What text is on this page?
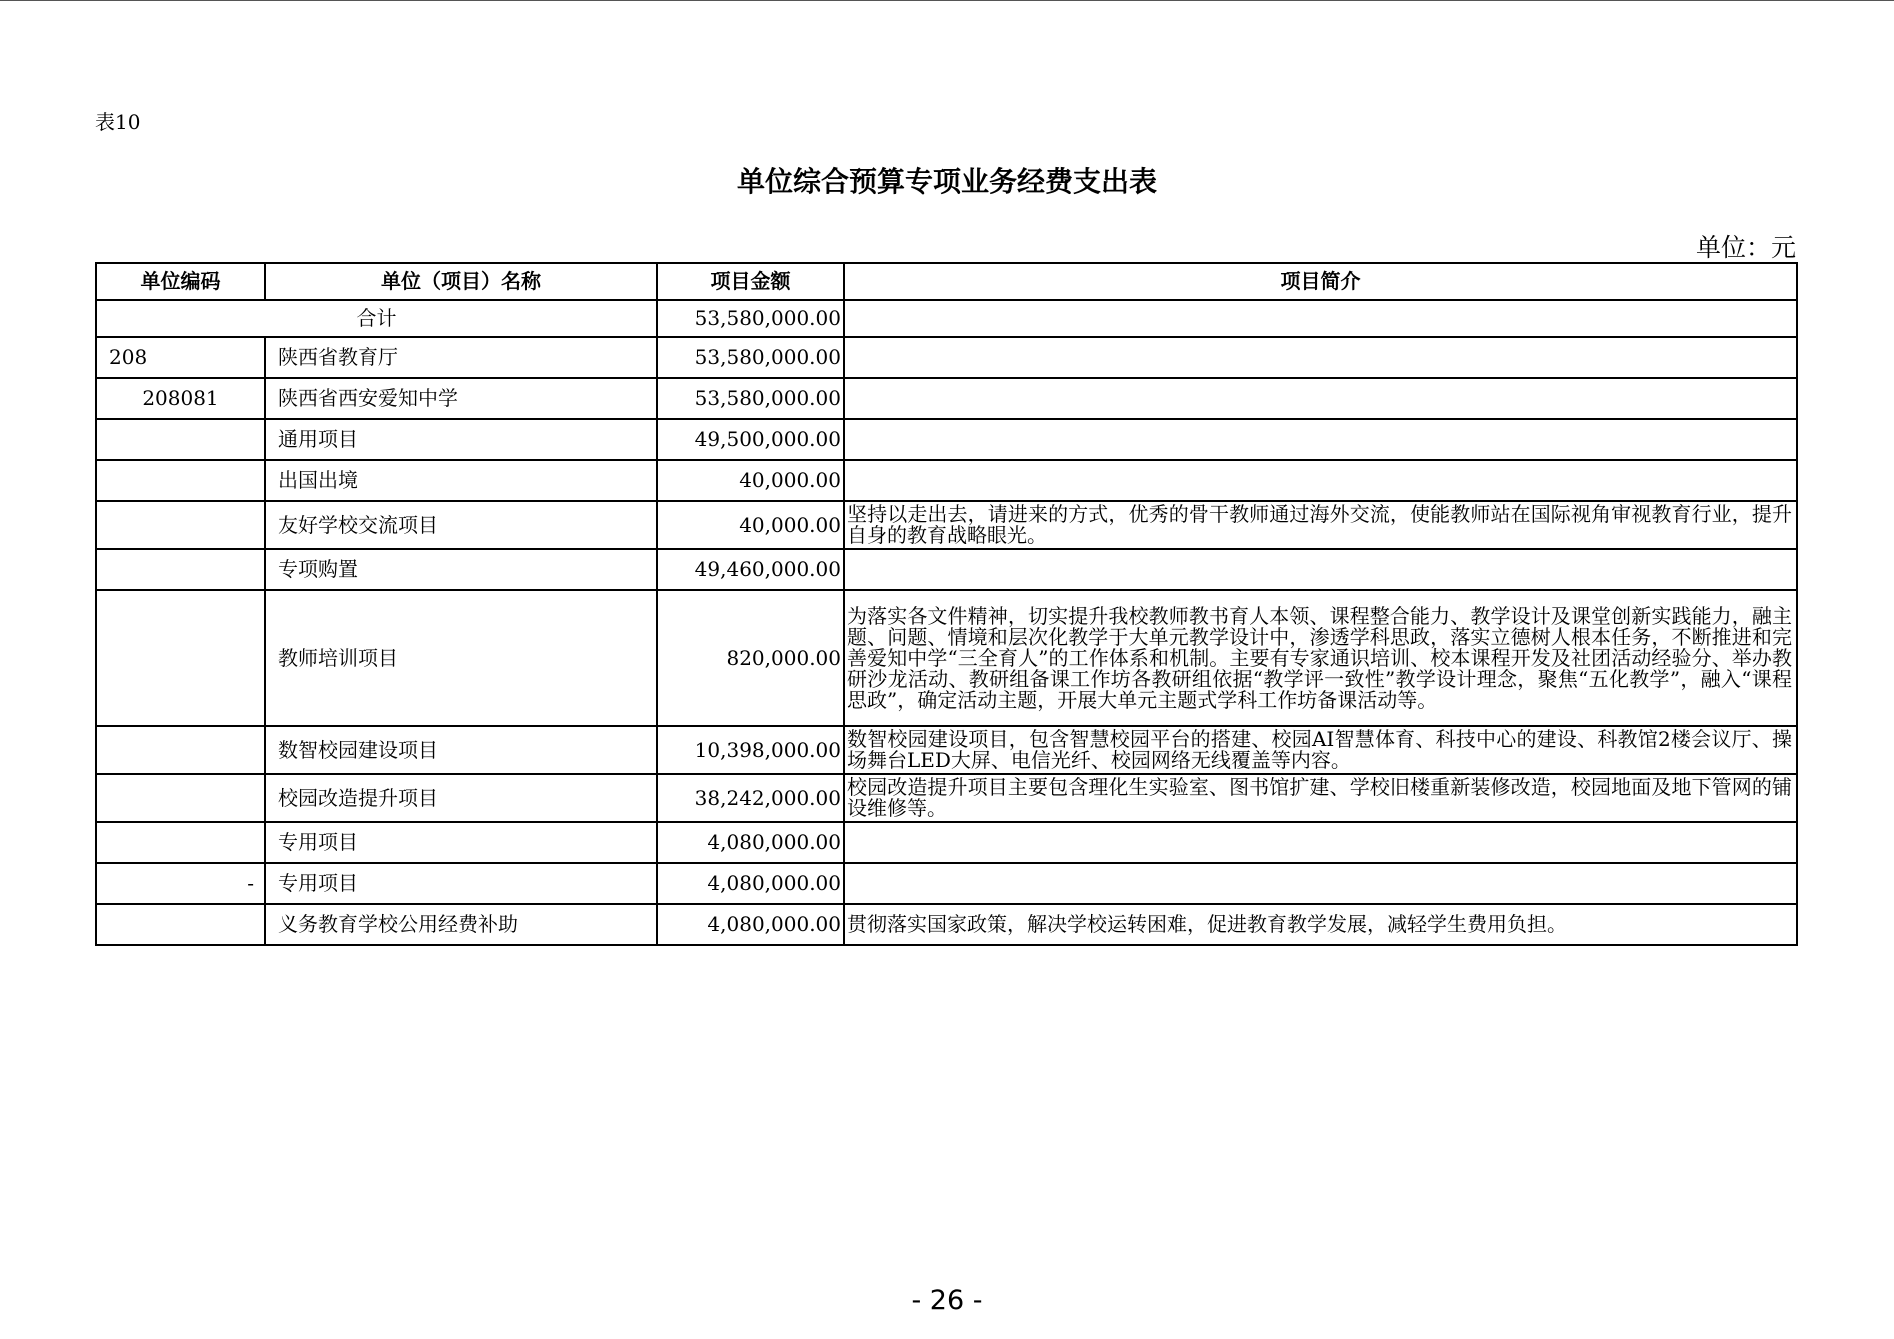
表10
单位综合预算专项业务经费支出表
单位：元
单位编码	单位（项目）名称	项目金额	项目简介
合计		53,580,000.00	
208	陕西省教育厅	53,580,000.00	
208081	陕西省西安爱知中学	53,580,000.00	
	通用项目	49,500,000.00	
	出国出境	40,000.00	
	友好学校交流项目	40,000.00	坚持以走出去，请进来的方式，优秀的骨干教师通过海外交流，使能教师站在国际视角审视教育行业，提升自身的教育战略眼光。
	专项购置	49,460,000.00	
	教师培训项目	820,000.00	为落实各文件精神，切实提升我校教师教书育人本领、课程整合能力、教学设计及课堂创新实践能力，融主题、问题、情境和层次化教学于大单元教学设计中，渗透学科思政，落实立德树人根本任务，不断推进和完善爱知中学“三全育人”的工作体系和机制。主要有专家通识培训、校本课程开发及社团活动经验分、举办教研沙龙活动、教研组备课工作坊各教研组依据“教学评一致性”教学设计理念，聚焦“五化教学”，融入“课程思政”，确定活动主题，开展大单元主题式学科工作坊备课活动等。
	数智校园建设项目	10,398,000.00	数智校园建设项目，包含智慧校园平台的搭建、校园AI智慧体育、科技中心的建设、科教馆2楼会议厅、操场舞台LED大屏、电信光纤、校园网络无线覆盖等内容。
	校园改造提升项目	38,242,000.00	校园改造提升项目主要包含理化生实验室、图书馆扩建、学校旧楼重新装修改造，校园地面及地下管网的铺设维修等。
	专用项目	4,080,000.00	
-	专用项目	4,080,000.00	
	义务教育学校公用经费补助	4,080,000.00	贯彻落实国家政策，解决学校运转困难，促进教育教学发展，减轻学生费用负担。
- 26 -
